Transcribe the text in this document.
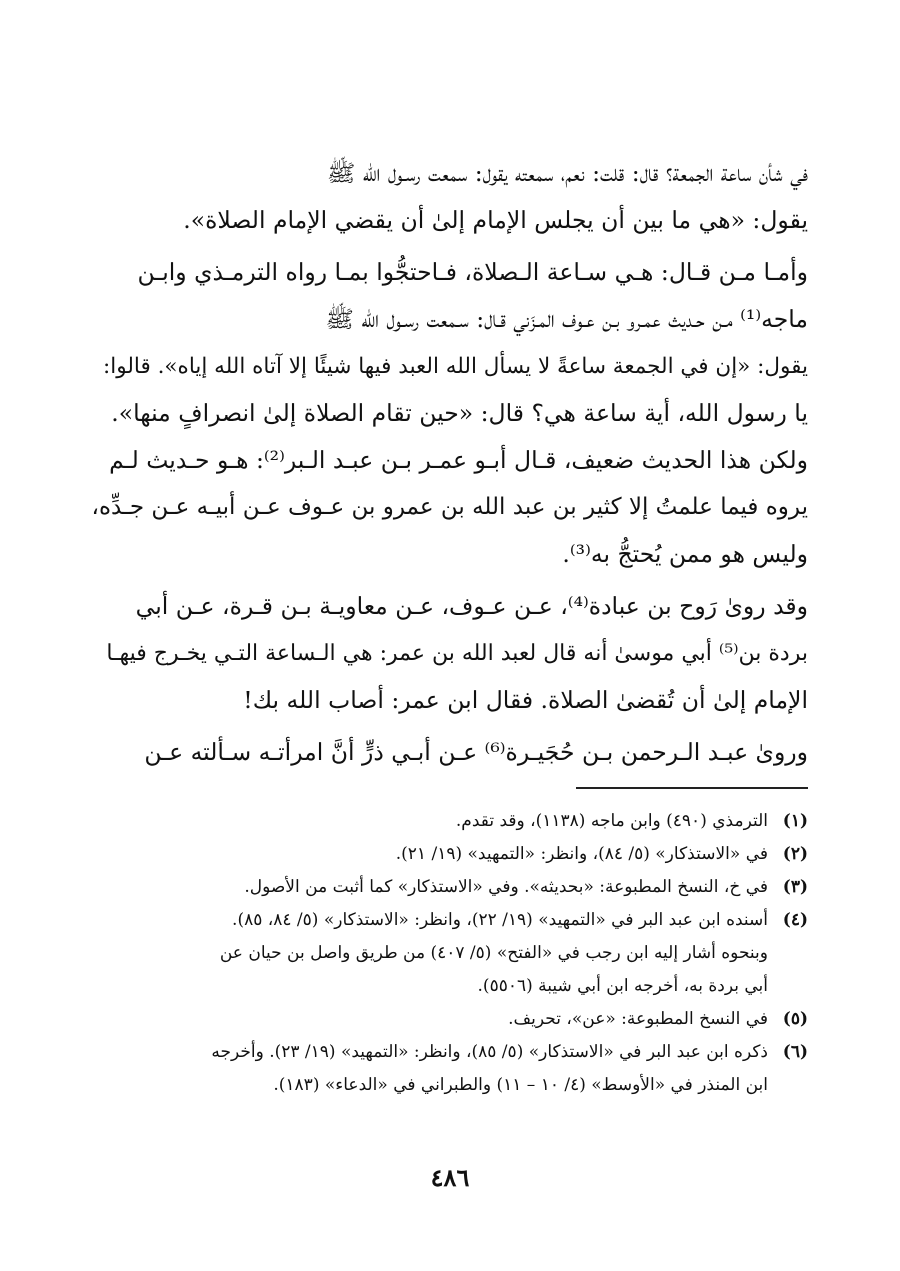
في شأن ساعة الجمعة؟ قال: قلت: نعم، سمعته يقول: سمعت رسـول الله ﷺ
يقول: «هي ما بين أن يجلس الإمام إلىٰ أن يقضي الإمام الصلاة».
وأمـا مـن قـال: هـي سـاعة الـصلاة، فـاحتجُّوا بمـا رواه الترمـذي وابـن
ماجه⁽¹⁾ مـن حـديث عمـرو بـن عـوف المـزَني قـال: سـمعت رسـول الله ﷺ
يقول: «إن في الجمعة ساعةً لا يسأل الله العبد فيها شيئًا إلا آتاه الله إياه». قالوا:
يا رسول الله، أية ساعة هي؟ قال: «حين تقام الصلاة إلىٰ انصرافٍ منها».
ولكن هذا الحديث ضعيف، قـال أبـو عمـر بـن عبـد الـبر⁽²⁾: هـو حـديث لـم
يروه فيما علمتُ إلا كثير بن عبد الله بن عمرو بن عـوف عـن أبيـه عـن جـدِّه،
وليس هو ممن يُحتجُّ به⁽³⁾.
وقد روىٰ رَوح بن عبادة⁽⁴⁾، عـن عـوف، عـن معاويـة بـن قـرة، عـن أبي
بردة بن⁽⁵⁾ أبي موسىٰ أنه قال لعبد الله بن عمر: هي الـساعة التـي يخـرج فيهـا
الإمام إلىٰ أن تُقضىٰ الصلاة. فقال ابن عمر: أصاب الله بك!
وروىٰ عبـد الـرحمن بـن حُجَيـرة⁽⁶⁾ عـن أبـي ذرٍّ أنَّ امرأتـه سـألته عـن
(١)
الترمذي (٤٩٠) وابن ماجه (١١٣٨)، وقد تقدم.
(٢)
في «الاستذكار» (٥/ ٨٤)، وانظر: «التمهيد» (١٩/ ٢١).
(٣)
في خ، النسخ المطبوعة: «بحديثه». وفي «الاستذكار» كما أثبت من الأصول.
(٤)
أسنده ابن عبد البر في «التمهيد» (١٩/ ٢٢)، وانظر: «الاستذكار» (٥/ ٨٤، ٨٥).
وبنحوه أشار إليه ابن رجب في «الفتح» (٥/ ٤٠٧) من طريق واصل بن حيان عن
أبي بردة به، أخرجه ابن أبي شيبة (٥٥٠٦).
(٥)
في النسخ المطبوعة: «عن»، تحريف.
(٦)
ذكره ابن عبد البر في «الاستذكار» (٥/ ٨٥)، وانظر: «التمهيد» (١٩/ ٢٣). وأخرجه
ابن المنذر في «الأوسط» (٤/ ١٠ – ١١) والطبراني في «الدعاء» (١٨٣).
٤٨٦
